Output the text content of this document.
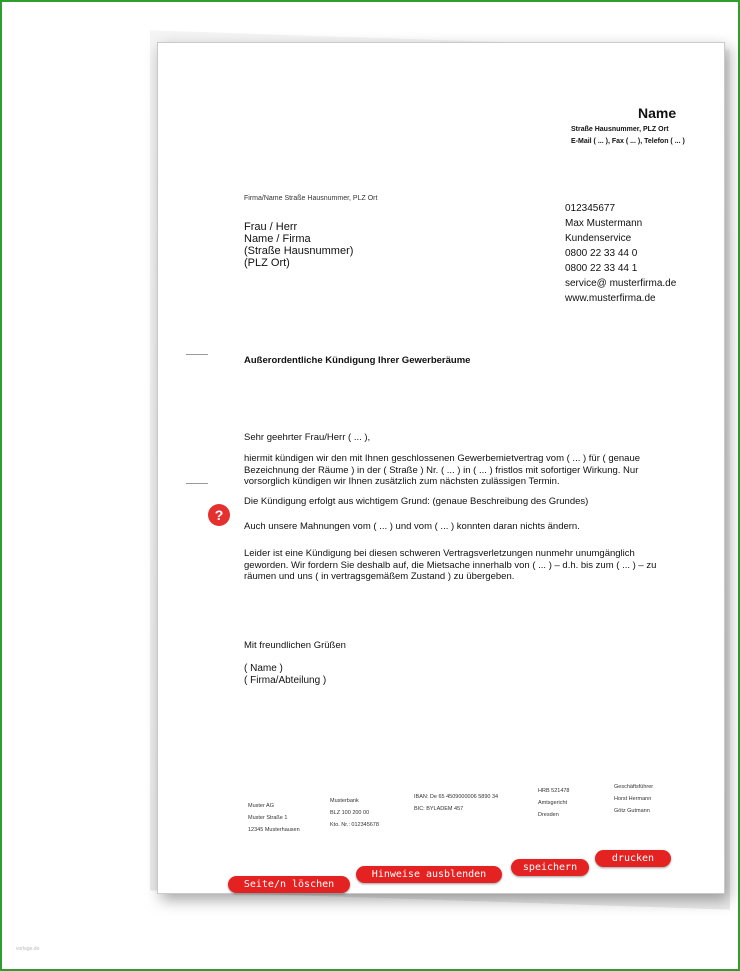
Name
Straße Hausnummer, PLZ Ort
E-Mail ( ... ), Fax ( ... ), Telefon ( ... )
Firma/Name Straße Hausnummer, PLZ Ort
Frau / Herr
Name / Firma
(Straße Hausnummer)
(PLZ Ort)
012345677
Max Mustermann
Kundenservice
0800 22 33 44 0
0800 22 33 44 1
service@ musterfirma.de
www.musterfirma.de
Außerordentliche Kündigung Ihrer Gewerberäume
Sehr geehrter Frau/Herr ( ... ),
hiermit kündigen wir den mit Ihnen geschlossenen Gewerbemietvertrag vom ( ... ) für ( genaue Bezeichnung der Räume ) in der ( Straße ) Nr. ( ... ) in ( ... ) fristlos mit sofortiger Wirkung. Nur vorsorglich kündigen wir Ihnen zusätzlich zum nächsten zulässigen Termin.
Die Kündigung erfolgt aus wichtigem Grund: (genaue Beschreibung des Grundes)
Auch unsere Mahnungen vom ( ... ) und vom ( ... ) konnten daran nichts ändern.
Leider ist eine Kündigung bei diesen schweren Vertragsverletzungen nunmehr unumgänglich geworden. Wir fordern Sie deshalb auf, die Mietsache innerhalb von ( ... ) – d.h. bis zum ( ... ) – zu räumen und uns ( in vertragsgemäßem Zustand ) zu übergeben.
?
Mit freundlichen Grüßen
( Name )
( Firma/Abteilung )
Muster AG
Muster Straße 1
12345 Musterhausen
Musterbank
BLZ 100 200 00
Kto. Nr.: 012345678
IBAN: De 65 4509000006 5890 34
BIC: BYLADEM 457
HRB 521478
Amtsgericht
Dresden
Geschäftsführer
Horst Hermann
Götz Gutmann
Seite/n löschen
Hinweise ausblenden
speichern
drucken
vorlage.de
